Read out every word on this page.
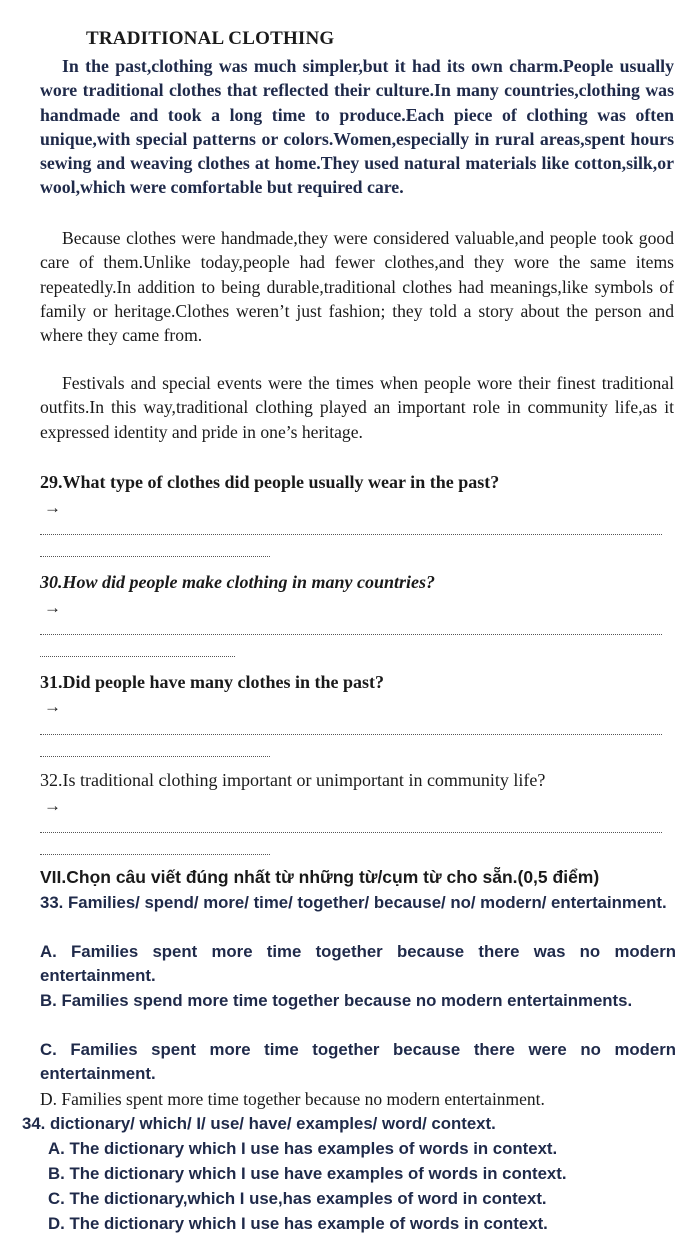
TRADITIONAL CLOTHING

In the past,clothing was much simpler,but it had its own charm.People usually wore traditional clothes that reflected their culture.In many countries,clothing was handmade and took a long time to produce.Each piece of clothing was often unique,with special patterns or colors.Women,especially in rural areas,spent hours sewing and weaving clothes at home.They used natural materials like cotton,silk,or wool,which were comfortable but required care.

Because clothes were handmade,they were considered valuable,and people took good care of them.Unlike today,people had fewer clothes,and they wore the same items repeatedly.In addition to being durable,traditional clothes had meanings,like symbols of family or heritage.Clothes weren’t just fashion; they told a story about the person and where they came from.

Festivals and special events were the times when people wore their finest traditional outfits.In this way,traditional clothing played an important role in community life,as it expressed identity and pride in one’s heritage.

29.What type of clothes did people usually wear in the past?

→

30.How did people make clothing in many countries?

→

31.Did people have many clothes in the past?

→

32.Is traditional clothing important or unimportant in community life?

→

VII.Chọn câu viết đúng nhất từ những từ/cụm từ cho sẵn.(0,5 điểm)

33. Families/ spend/ more/ time/ together/ because/ no/ modern/ entertainment.

A. Families spent more time together because there was no modern entertainment.

B. Families spend more time together because no modern entertainments.

C. Families spent more time together because there were no modern entertainment.

D. Families spent more time together because no modern entertainment.

34. dictionary/ which/ I/ use/ have/ examples/ word/ context.

A. The dictionary which I use has examples of words in context.

B. The dictionary which I use have examples of words in context.

C. The dictionary,which I use,has examples of word in context.

D. The dictionary which I use has example of words in context.
